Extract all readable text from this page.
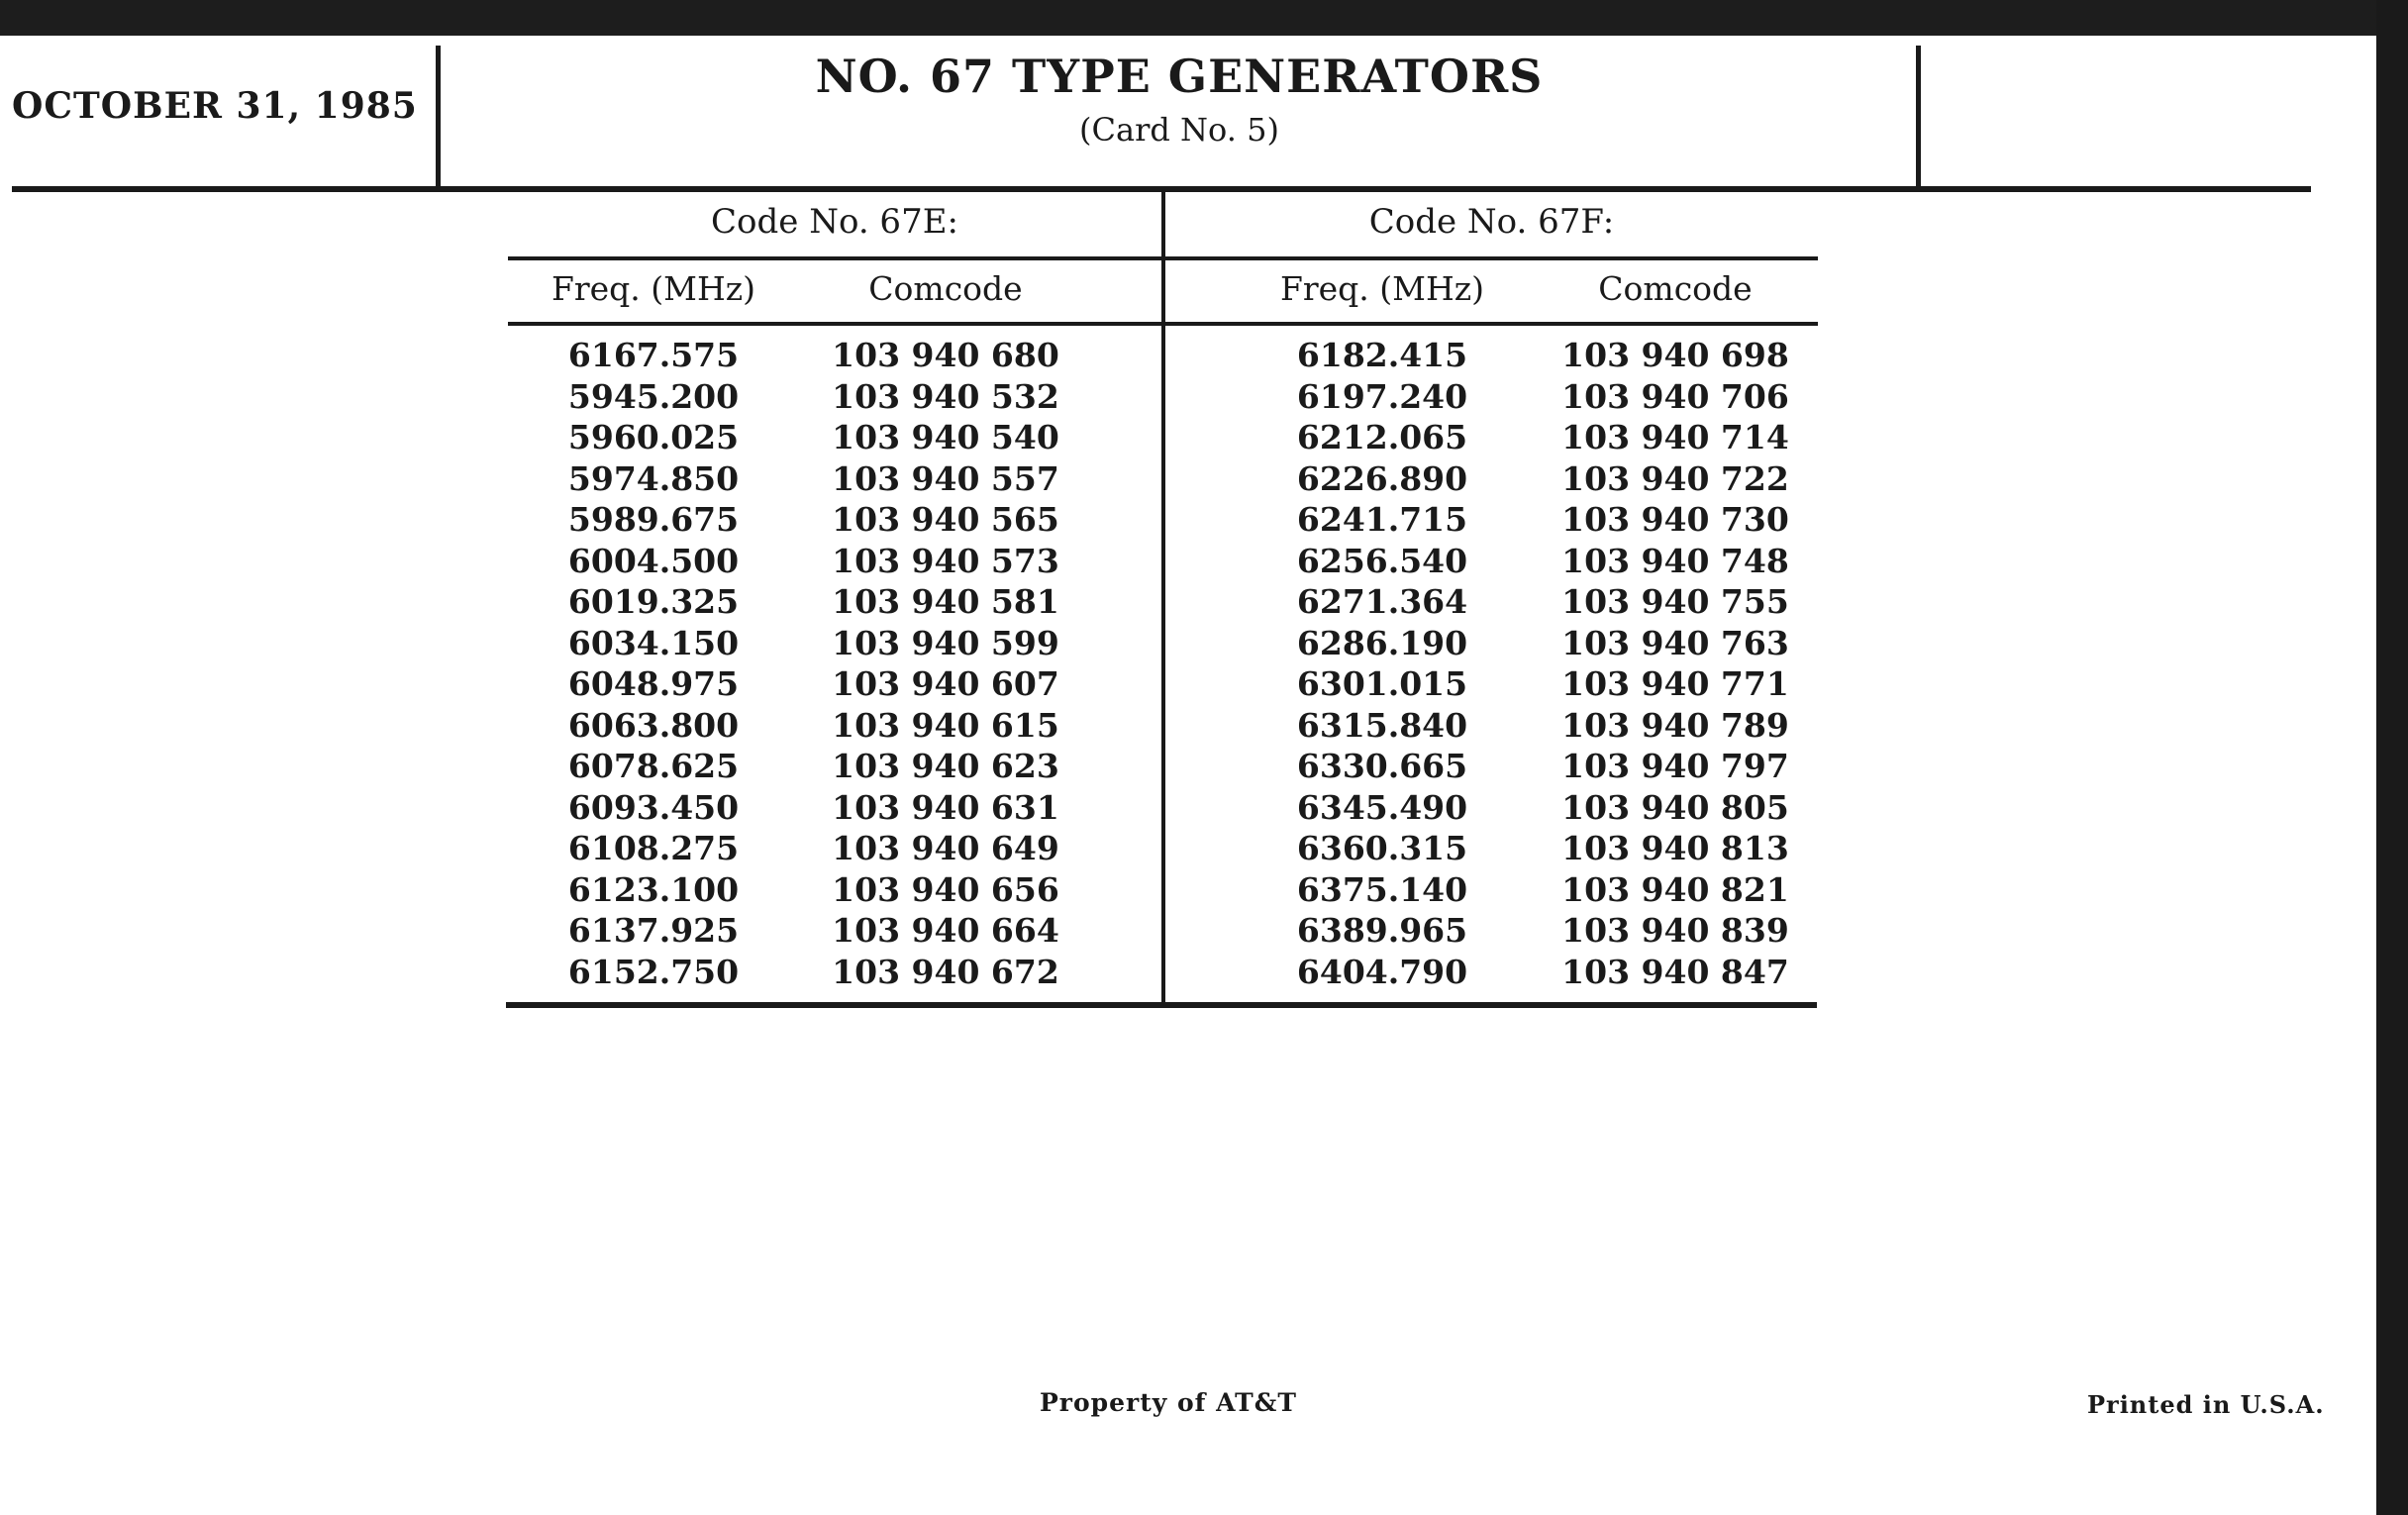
OCTOBER 31, 1985
NO. 67 TYPE GENERATORS
(Card No. 5)
Code No. 67E:
Freq. (MHz)	Comcode
6167.575	103 940 680
5945.200	103 940 532
5960.025	103 940 540
5974.850	103 940 557
5989.675	103 940 565
6004.500	103 940 573
6019.325	103 940 581
6034.150	103 940 599
6048.975	103 940 607
6063.800	103 940 615
6078.625	103 940 623
6093.450	103 940 631
6108.275	103 940 649
6123.100	103 940 656
6137.925	103 940 664
6152.750	103 940 672
Code No. 67F:
Freq. (MHz)	Comcode
6182.415	103 940 698
6197.240	103 940 706
6212.065	103 940 714
6226.890	103 940 722
6241.715	103 940 730
6256.540	103 940 748
6271.364	103 940 755
6286.190	103 940 763
6301.015	103 940 771
6315.840	103 940 789
6330.665	103 940 797
6345.490	103 940 805
6360.315	103 940 813
6375.140	103 940 821
6389.965	103 940 839
6404.790	103 940 847
Property of AT&T	Printed in U.S.A.
